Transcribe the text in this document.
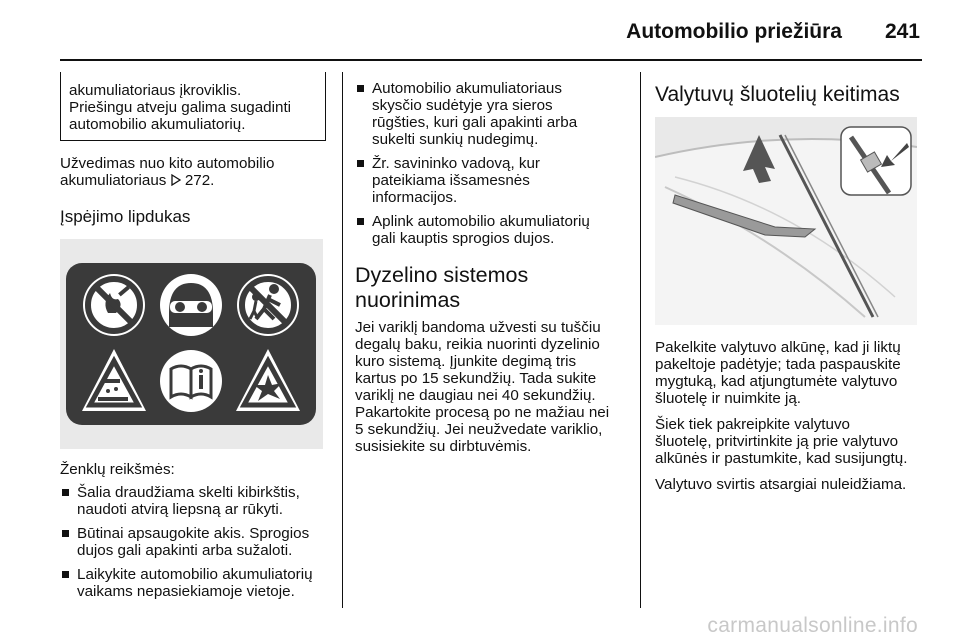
Automobilio priežiūra 241

akumuliatoriaus įkroviklis.

Priešingu atveju galima sugadinti

automobilio akumuliatorių.

Užvedimas nuo kito automobilio

akumuliatoriaus 272.

Įspėjimo lipdukas

Ženklų reikšmės:

Šalia draudžiama skelti kibirkštis,
naudoti atvirą liepsną ar rūkyti.
Būtinai apsaugokite akis. Sprogios
dujos gali apakinti arba sužaloti.
Laikykite automobilio akumuliatorių
vaikams nepasiekiamoje vietoje.
Automobilio akumuliatoriaus
skysčio sudėtyje yra sieros
rūgšties, kuri gali apakinti arba
sukelti sunkių nudegimų.
Žr. savininko vadovą, kur
pateikiama išsamesnės
informacijos.
Aplink automobilio akumuliatorių
gali kauptis sprogios dujos.
Dyzelino sistemos
nuorinimas

Jei variklį bandoma užvesti su tuščiu

degalų baku, reikia nuorinti dyzelinio

kuro sistemą. Įjunkite degimą tris

kartus po 15 sekundžių. Tada sukite

variklį ne daugiau nei 40 sekundžių.

Pakartokite procesą po ne mažiau nei

5 sekundžių. Jei neužvedate variklio,

susisiekite su dirbtuvėmis.

Valytuvų šluotelių keitimas

Pakelkite valytuvo alkūnę, kad ji liktų

pakeltoje padėtyje; tada paspauskite

mygtuką, kad atjungtumėte valytuvo

šluotelę ir nuimkite ją.

Šiek tiek pakreipkite valytuvo

šluotelę, pritvirtinkite ją prie valytuvo

alkūnės ir pastumkite, kad susijungtų.

Valytuvo svirtis atsargiai nuleidžiama.

carmanualsonline.info
